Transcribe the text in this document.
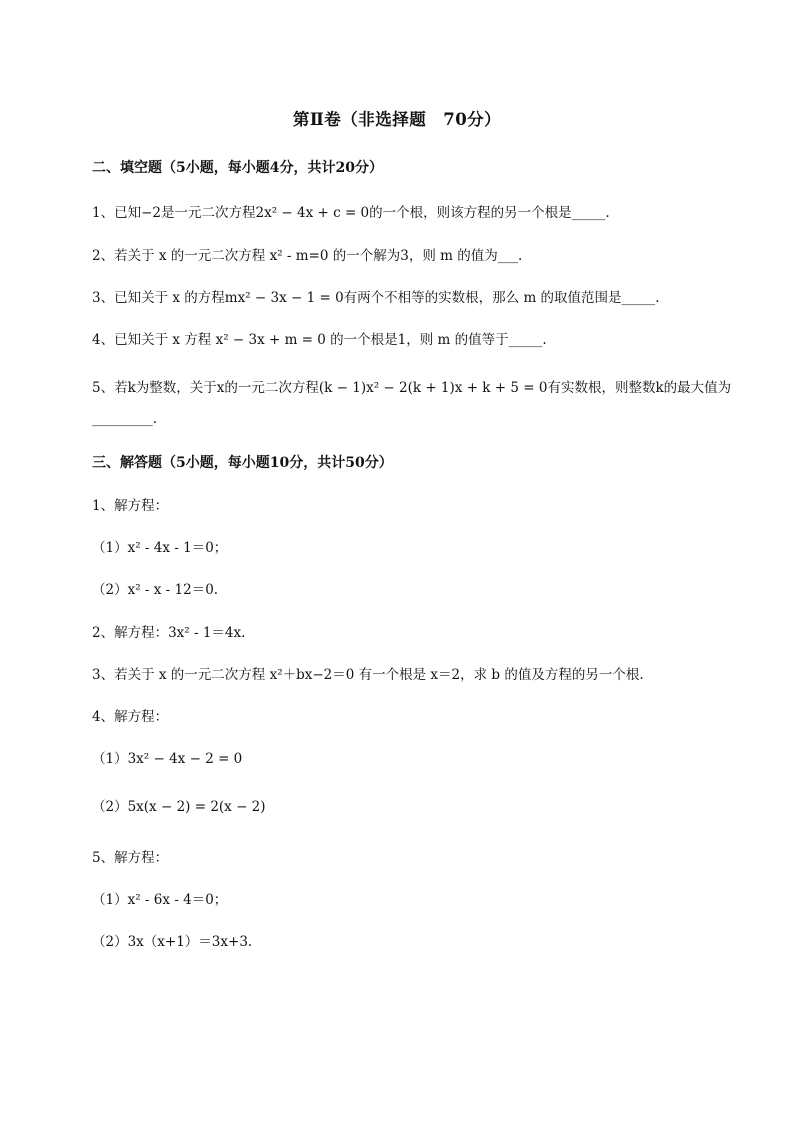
第Ⅱ卷（非选择题　70分）
二、填空题（5小题，每小题4分，共计20分）
1、已知−2是一元二次方程2x² − 4x + c = 0的一个根，则该方程的另一个根是_____.
2、若关于 x 的一元二次方程 x² - m=0 的一个解为3，则 m 的值为___.
3、已知关于 x 的方程mx² − 3x − 1 = 0有两个不相等的实数根，那么 m 的取值范围是_____.
4、已知关于 x 方程 x² − 3x + m = 0 的一个根是1，则 m 的值等于_____.
5、若k为整数，关于x的一元二次方程(k − 1)x² − 2(k + 1)x + k + 5 = 0有实数根，则整数k的最大值为
_________.
三、解答题（5小题，每小题10分，共计50分）
1、解方程：
（1）x² - 4x - 1＝0；
（2）x² - x - 12＝0.
2、解方程：3x² - 1＝4x.
3、若关于 x 的一元二次方程 x²＋bx−2＝0 有一个根是 x＝2，求 b 的值及方程的另一个根.
4、解方程：
（1）3x² − 4x − 2 = 0
（2）5x(x − 2) = 2(x − 2)
5、解方程：
（1）x² - 6x - 4＝0；
（2）3x（x+1）＝3x+3.
